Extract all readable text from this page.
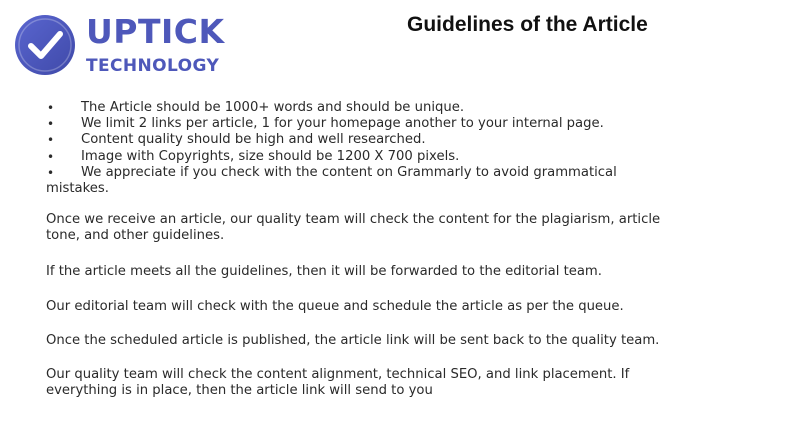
UPTICK
TECHNOLOGY
Guidelines of the Article
• The Article should be 1000+ words and should be unique.
• We limit 2 links per article, 1 for your homepage another to your internal page.
• Content quality should be high and well researched.
• Image with Copyrights, size should be 1200 X 700 pixels.
• We appreciate if you check with the content on Grammarly to avoid grammatical mistakes.

Once we receive an article, our quality team will check the content for the plagiarism, article tone, and other guidelines.

If the article meets all the guidelines, then it will be forwarded to the editorial team.

Our editorial team will check with the queue and schedule the article as per the queue.

Once the scheduled article is published, the article link will be sent back to the quality team.

Our quality team will check the content alignment, technical SEO, and link placement. If everything is in place, then the article link will send to you
